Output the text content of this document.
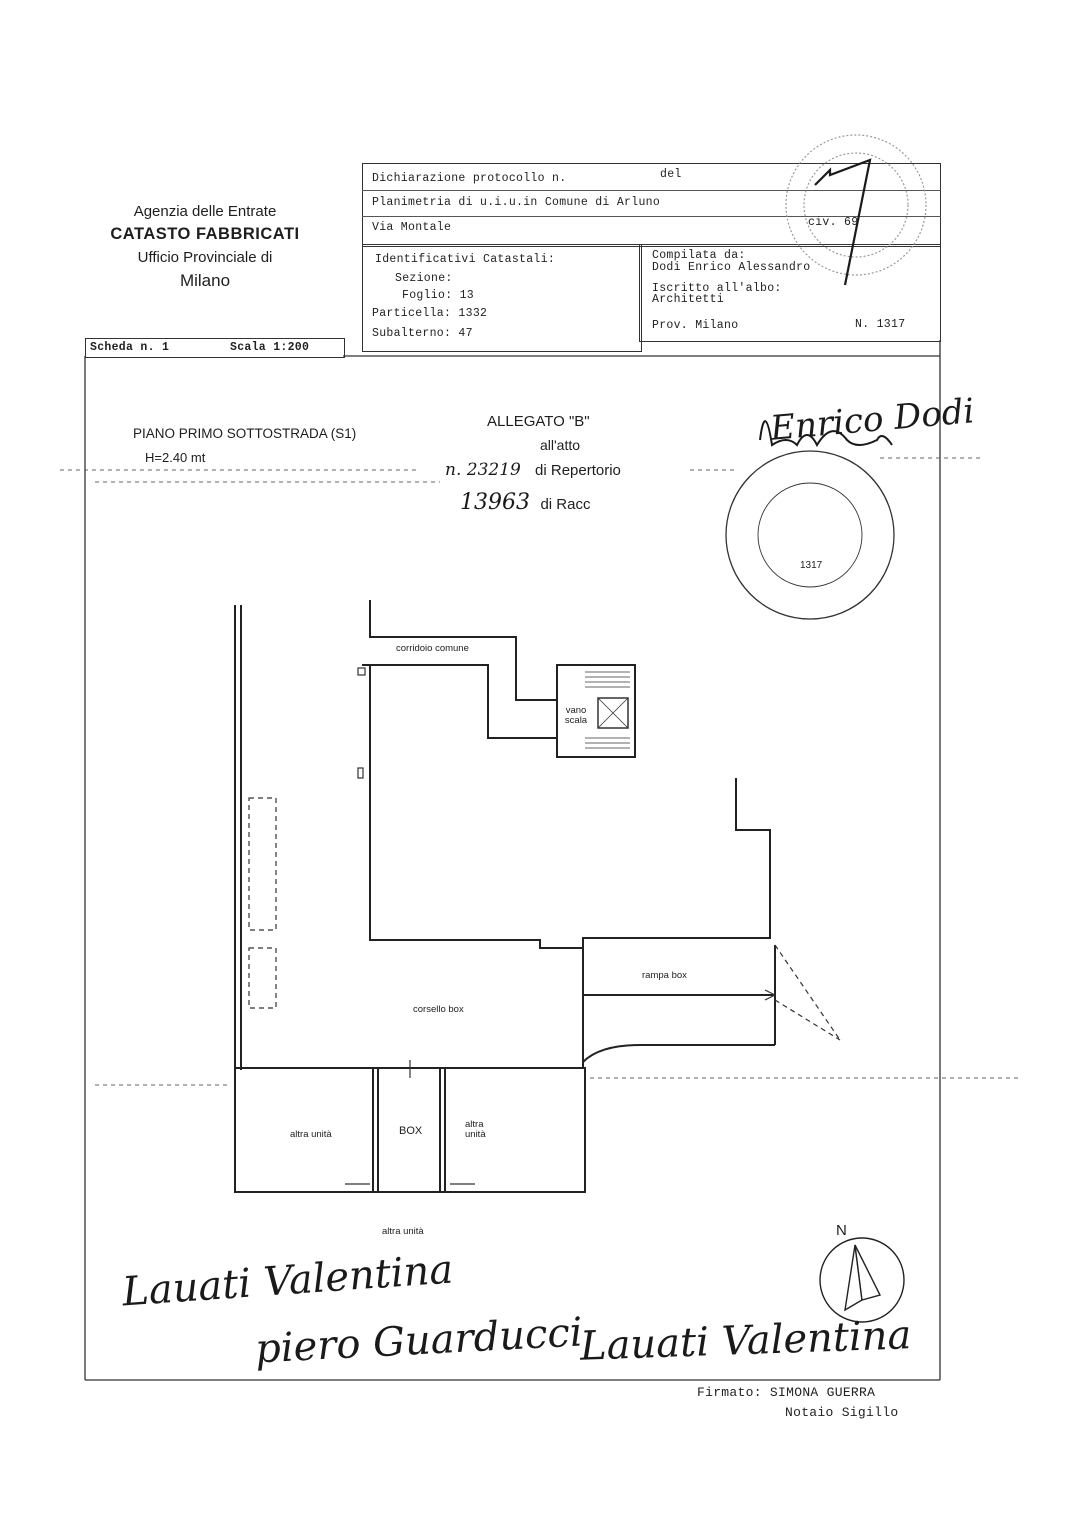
Agenzia delle Entrate
CATASTO FABBRICATI
Ufficio Provinciale di
Milano
Dichiarazione protocollo n.	del
Planimetria di u.i.u.in Comune di Arluno
Via Montale	civ. 69
Identificativi Catastali:
Sezione:
Foglio: 13
Particella: 1332
Subalterno: 47
Compilata da:
Dodi Enrico Alessandro
Iscritto all'albo:
Architetti
Prov. Milano	N. 1317
Scheda n. 1	Scala 1:200
PIANO PRIMO SOTTOSTRADA (S1)
H=2.40 mt
ALLEGATO "B"
all'atto
n. 23219 di Repertorio
13963 di Racc
corridoio comune
vano
scala
rampa box
corsello box
altra unità	BOX
altra
unità
altra unità	N
Lauati Valentina
piero Guarducci
Lauati Valentina
Enrico Dodi
1317
Firmato: SIMONA GUERRA
Notaio Sigillo
